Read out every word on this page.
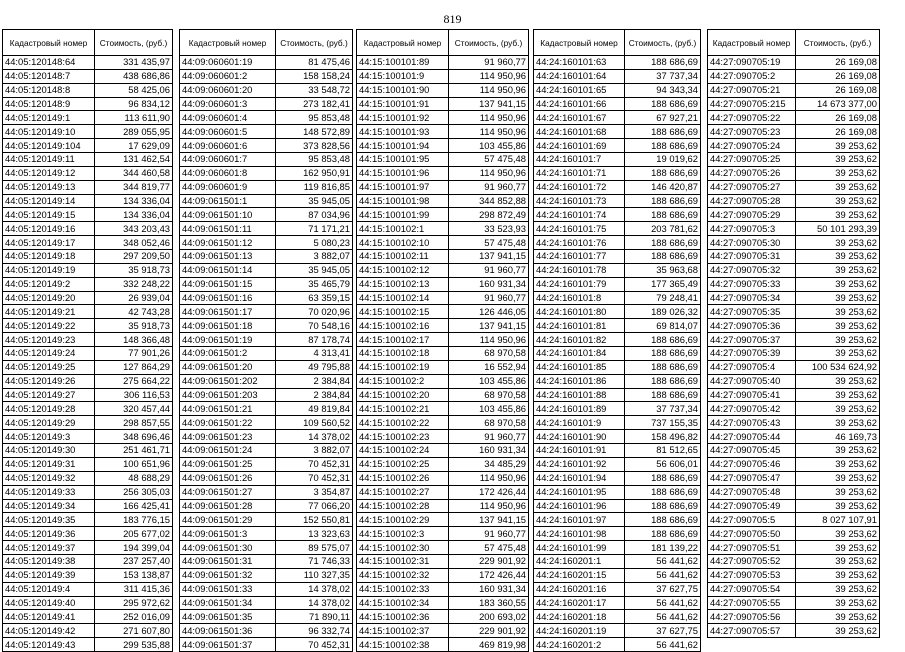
819
Кадастровый номер	Стоимость, (руб.)
44:05:120148:64	331 435,97
44:05:120148:7	438 686,86
44:05:120148:8	58 425,06
44:05:120148:9	96 834,12
44:05:120149:1	113 611,90
44:05:120149:10	289 055,95
44:05:120149:104	17 629,09
44:05:120149:11	131 462,54
44:05:120149:12	344 460,58
44:05:120149:13	344 819,77
44:05:120149:14	134 336,04
44:05:120149:15	134 336,04
44:05:120149:16	343 203,43
44:05:120149:17	348 052,46
44:05:120149:18	297 209,50
44:05:120149:19	35 918,73
44:05:120149:2	332 248,22
44:05:120149:20	26 939,04
44:05:120149:21	42 743,28
44:05:120149:22	35 918,73
44:05:120149:23	148 366,48
44:05:120149:24	77 901,26
44:05:120149:25	127 864,29
44:05:120149:26	275 664,22
44:05:120149:27	306 116,53
44:05:120149:28	320 457,44
44:05:120149:29	298 857,55
44:05:120149:3	348 696,46
44:05:120149:30	251 461,71
44:05:120149:31	100 651,96
44:05:120149:32	48 688,29
44:05:120149:33	256 305,03
44:05:120149:34	166 425,41
44:05:120149:35	183 776,15
44:05:120149:36	205 677,02
44:05:120149:37	194 399,04
44:05:120149:38	237 257,40
44:05:120149:39	153 138,87
44:05:120149:4	311 415,36
44:05:120149:40	295 972,62
44:05:120149:41	252 016,09
44:05:120149:42	271 607,80
44:05:120149:43	299 535,88
Кадастровый номер	Стоимость, (руб.)
44:09:060601:19	81 475,46
44:09:060601:2	158 158,24
44:09:060601:20	33 548,72
44:09:060601:3	273 182,41
44:09:060601:4	95 853,48
44:09:060601:5	148 572,89
44:09:060601:6	373 828,56
44:09:060601:7	95 853,48
44:09:060601:8	162 950,91
44:09:060601:9	119 816,85
44:09:061501:1	35 945,05
44:09:061501:10	87 034,96
44:09:061501:11	71 171,21
44:09:061501:12	5 080,23
44:09:061501:13	3 882,07
44:09:061501:14	35 945,05
44:09:061501:15	35 465,79
44:09:061501:16	63 359,15
44:09:061501:17	70 020,96
44:09:061501:18	70 548,16
44:09:061501:19	87 178,74
44:09:061501:2	4 313,41
44:09:061501:20	49 795,88
44:09:061501:202	2 384,84
44:09:061501:203	2 384,84
44:09:061501:21	49 819,84
44:09:061501:22	109 560,52
44:09:061501:23	14 378,02
44:09:061501:24	3 882,07
44:09:061501:25	70 452,31
44:09:061501:26	70 452,31
44:09:061501:27	3 354,87
44:09:061501:28	77 066,20
44:09:061501:29	152 550,81
44:09:061501:3	13 323,63
44:09:061501:30	89 575,07
44:09:061501:31	71 746,33
44:09:061501:32	110 327,35
44:09:061501:33	14 378,02
44:09:061501:34	14 378,02
44:09:061501:35	71 890,11
44:09:061501:36	96 332,74
44:09:061501:37	70 452,31
Кадастровый номер	Стоимость, (руб.)
44:15:100101:89	91 960,77
44:15:100101:9	114 950,96
44:15:100101:90	114 950,96
44:15:100101:91	137 941,15
44:15:100101:92	114 950,96
44:15:100101:93	114 950,96
44:15:100101:94	103 455,86
44:15:100101:95	57 475,48
44:15:100101:96	114 950,96
44:15:100101:97	91 960,77
44:15:100101:98	344 852,88
44:15:100101:99	298 872,49
44:15:100102:1	33 523,93
44:15:100102:10	57 475,48
44:15:100102:11	137 941,15
44:15:100102:12	91 960,77
44:15:100102:13	160 931,34
44:15:100102:14	91 960,77
44:15:100102:15	126 446,05
44:15:100102:16	137 941,15
44:15:100102:17	114 950,96
44:15:100102:18	68 970,58
44:15:100102:19	16 552,94
44:15:100102:2	103 455,86
44:15:100102:20	68 970,58
44:15:100102:21	103 455,86
44:15:100102:22	68 970,58
44:15:100102:23	91 960,77
44:15:100102:24	160 931,34
44:15:100102:25	34 485,29
44:15:100102:26	114 950,96
44:15:100102:27	172 426,44
44:15:100102:28	114 950,96
44:15:100102:29	137 941,15
44:15:100102:3	91 960,77
44:15:100102:30	57 475,48
44:15:100102:31	229 901,92
44:15:100102:32	172 426,44
44:15:100102:33	160 931,34
44:15:100102:34	183 360,55
44:15:100102:36	200 693,02
44:15:100102:37	229 901,92
44:15:100102:38	469 819,98
Кадастровый номер	Стоимость, (руб.)
44:24:160101:63	188 686,69
44:24:160101:64	37 737,34
44:24:160101:65	94 343,34
44:24:160101:66	188 686,69
44:24:160101:67	67 927,21
44:24:160101:68	188 686,69
44:24:160101:69	188 686,69
44:24:160101:7	19 019,62
44:24:160101:71	188 686,69
44:24:160101:72	146 420,87
44:24:160101:73	188 686,69
44:24:160101:74	188 686,69
44:24:160101:75	203 781,62
44:24:160101:76	188 686,69
44:24:160101:77	188 686,69
44:24:160101:78	35 963,68
44:24:160101:79	177 365,49
44:24:160101:8	79 248,41
44:24:160101:80	189 026,32
44:24:160101:81	69 814,07
44:24:160101:82	188 686,69
44:24:160101:84	188 686,69
44:24:160101:85	188 686,69
44:24:160101:86	188 686,69
44:24:160101:88	188 686,69
44:24:160101:89	37 737,34
44:24:160101:9	737 155,35
44:24:160101:90	158 496,82
44:24:160101:91	81 512,65
44:24:160101:92	56 606,01
44:24:160101:94	188 686,69
44:24:160101:95	188 686,69
44:24:160101:96	188 686,69
44:24:160101:97	188 686,69
44:24:160101:98	188 686,69
44:24:160101:99	181 139,22
44:24:160201:1	56 441,62
44:24:160201:15	56 441,62
44:24:160201:16	37 627,75
44:24:160201:17	56 441,62
44:24:160201:18	56 441,62
44:24:160201:19	37 627,75
44:24:160201:2	56 441,62
Кадастровый номер	Стоимость, (руб.)
44:27:090705:19	26 169,08
44:27:090705:2	26 169,08
44:27:090705:21	26 169,08
44:27:090705:215	14 673 377,00
44:27:090705:22	26 169,08
44:27:090705:23	26 169,08
44:27:090705:24	39 253,62
44:27:090705:25	39 253,62
44:27:090705:26	39 253,62
44:27:090705:27	39 253,62
44:27:090705:28	39 253,62
44:27:090705:29	39 253,62
44:27:090705:3	50 101 293,39
44:27:090705:30	39 253,62
44:27:090705:31	39 253,62
44:27:090705:32	39 253,62
44:27:090705:33	39 253,62
44:27:090705:34	39 253,62
44:27:090705:35	39 253,62
44:27:090705:36	39 253,62
44:27:090705:37	39 253,62
44:27:090705:39	39 253,62
44:27:090705:4	100 534 624,92
44:27:090705:40	39 253,62
44:27:090705:41	39 253,62
44:27:090705:42	39 253,62
44:27:090705:43	39 253,62
44:27:090705:44	46 169,73
44:27:090705:45	39 253,62
44:27:090705:46	39 253,62
44:27:090705:47	39 253,62
44:27:090705:48	39 253,62
44:27:090705:49	39 253,62
44:27:090705:5	8 027 107,91
44:27:090705:50	39 253,62
44:27:090705:51	39 253,62
44:27:090705:52	39 253,62
44:27:090705:53	39 253,62
44:27:090705:54	39 253,62
44:27:090705:55	39 253,62
44:27:090705:56	39 253,62
44:27:090705:57	39 253,62
